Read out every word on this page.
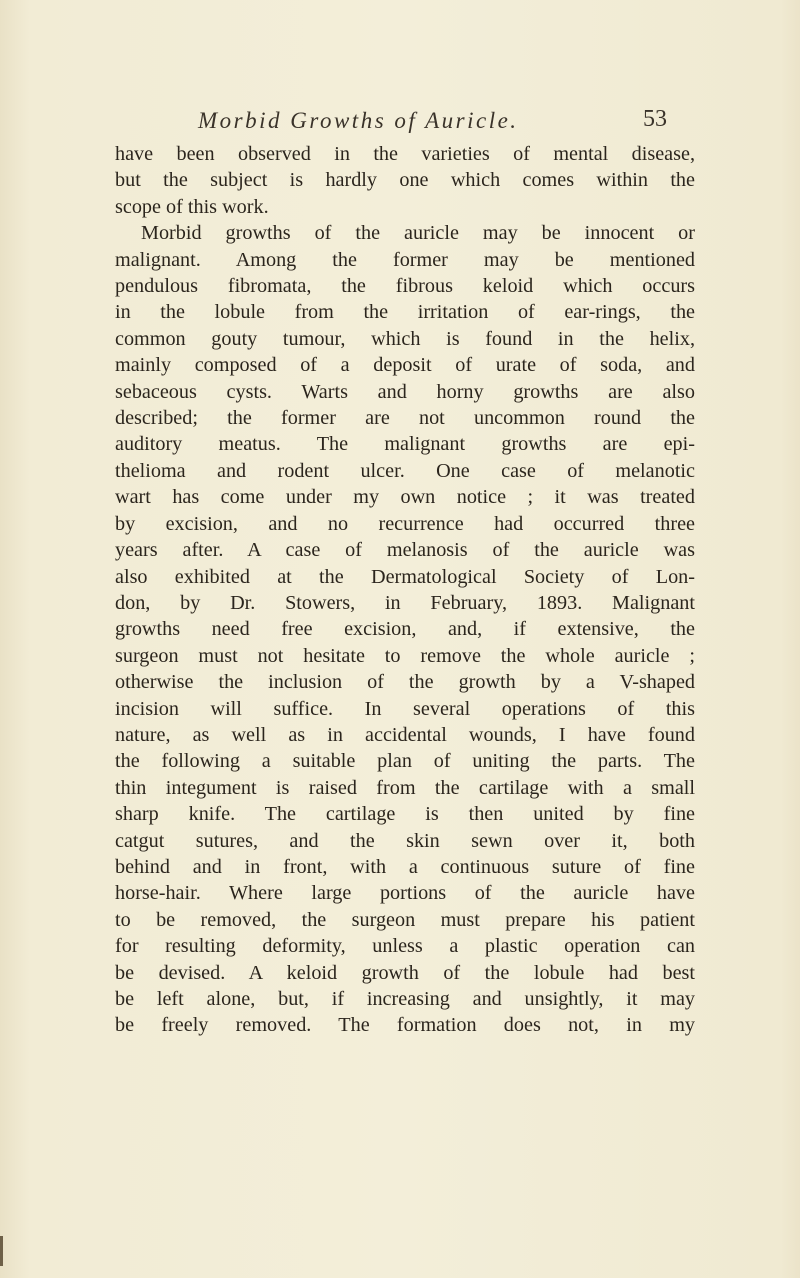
Morbid Growths of Auricle.	53
have been observed in the varieties of mental disease,
but the subject is hardly one which comes within the
scope of this work.
Morbid growths of the auricle may be innocent or
malignant. Among the former may be mentioned
pendulous fibromata, the fibrous keloid which occurs
in the lobule from the irritation of ear-rings, the
common gouty tumour, which is found in the helix,
mainly composed of a deposit of urate of soda, and
sebaceous cysts. Warts and horny growths are also
described; the former are not uncommon round the
auditory meatus. The malignant growths are epi-
thelioma and rodent ulcer. One case of melanotic
wart has come under my own notice ; it was treated
by excision, and no recurrence had occurred three
years after. A case of melanosis of the auricle was
also exhibited at the Dermatological Society of Lon-
don, by Dr. Stowers, in February, 1893. Malignant
growths need free excision, and, if extensive, the
surgeon must not hesitate to remove the whole auricle ;
otherwise the inclusion of the growth by a V-shaped
incision will suffice. In several operations of this
nature, as well as in accidental wounds, I have found
the following a suitable plan of uniting the parts. The
thin integument is raised from the cartilage with a small
sharp knife. The cartilage is then united by fine
catgut sutures, and the skin sewn over it, both
behind and in front, with a continuous suture of fine
horse-hair. Where large portions of the auricle have
to be removed, the surgeon must prepare his patient
for resulting deformity, unless a plastic operation can
be devised. A keloid growth of the lobule had best
be left alone, but, if increasing and unsightly, it may
be freely removed. The formation does not, in my
